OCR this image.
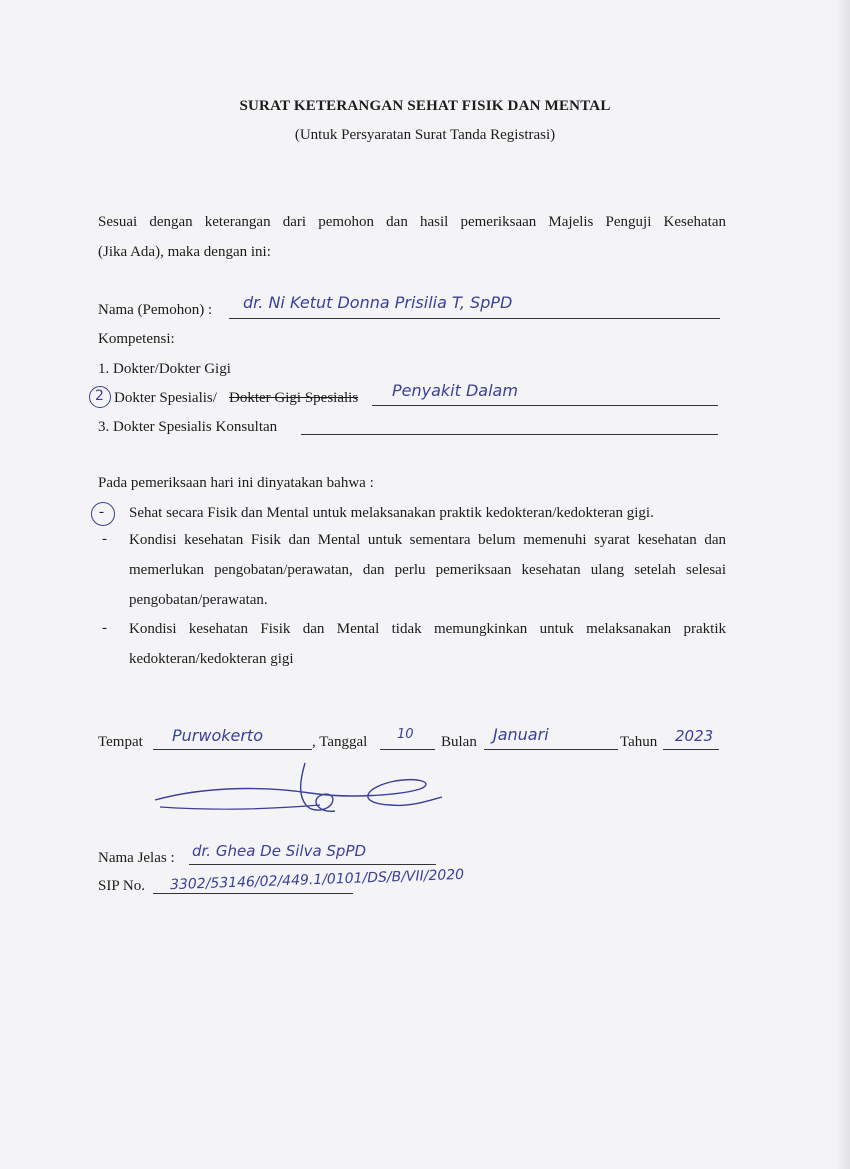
SURAT KETERANGAN SEHAT FISIK DAN MENTAL
(Untuk Persyaratan Surat Tanda Registrasi)
Sesuai dengan keterangan dari pemohon dan hasil pemeriksaan Majelis Penguji Kesehatan
(Jika Ada), maka dengan ini:
Nama (Pemohon) : dr. Ni Ketut Donna Prisilia T, SpPD
Kompetensi:
1. Dokter/Dokter Gigi
2 Dokter Spesialis/ Dokter Gigi Spesialis Penyakit Dalam
3. Dokter Spesialis Konsultan
Pada pemeriksaan hari ini dinyatakan bahwa :
- Sehat secara Fisik dan Mental untuk melaksanakan praktik kedokteran/kedokteran gigi.
- Kondisi kesehatan Fisik dan Mental untuk sementara belum memenuhi syarat kesehatan dan memerlukan pengobatan/perawatan, dan perlu pemeriksaan kesehatan ulang setelah selesai pengobatan/perawatan.
- Kondisi kesehatan Fisik dan Mental tidak memungkinkan untuk melaksanakan praktik kedokteran/kedokteran gigi
Tempat Purwokerto	, Tanggal 10 Bulan Januari	Tahun 2023
Nama Jelas : dr. Ghea De Silva SpPD
SIP No. 3302/53146/02/449.1/0101/DS/B/VII/2020
